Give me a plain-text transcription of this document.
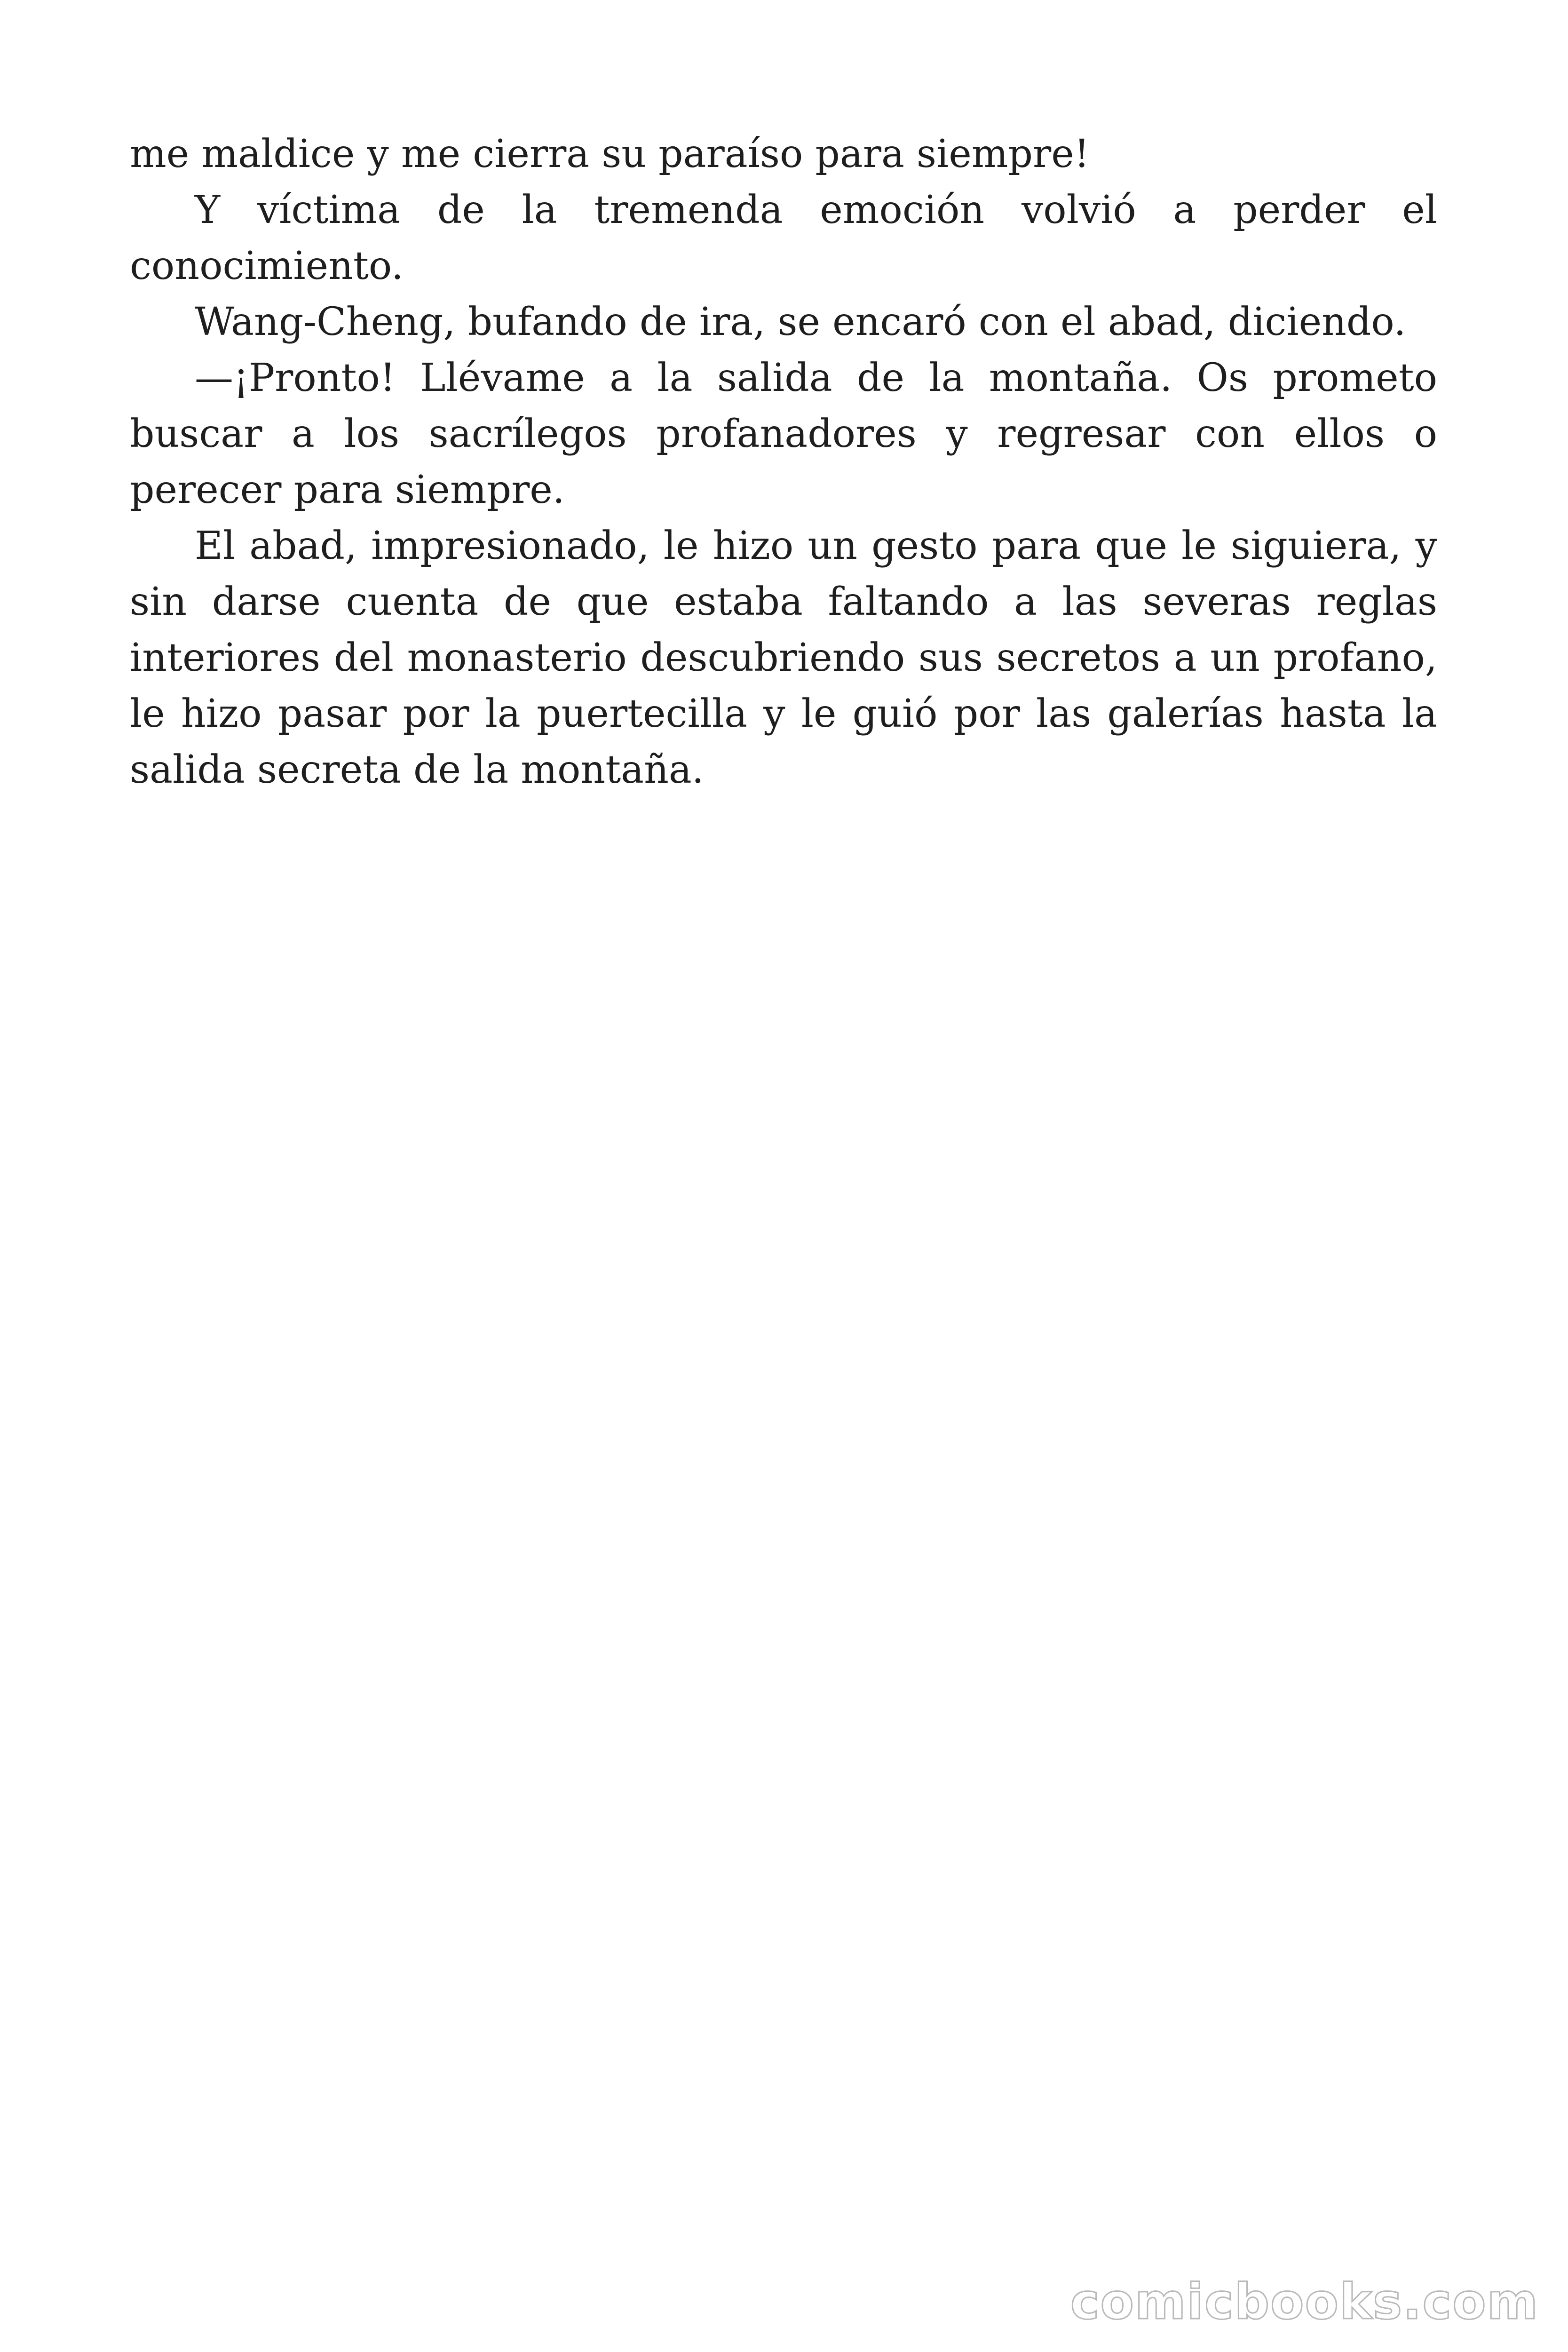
me maldice y me cierra su paraíso para siempre!

Y víctima de la tremenda emoción volvió a perder el conocimiento.

Wang-Cheng, bufando de ira, se encaró con el abad, diciendo.

—¡Pronto! Llévame a la salida de la montaña. Os prometo buscar a los sacrílegos profanadores y regresar con ellos o perecer para siempre.

El abad, impresionado, le hizo un gesto para que le siguiera, y sin darse cuenta de que estaba faltando a las severas reglas interiores del monasterio descubriendo sus secretos a un profano, le hizo pasar por la puertecilla y le guió por las galerías hasta la salida secreta de la montaña.

comicbooks.com
